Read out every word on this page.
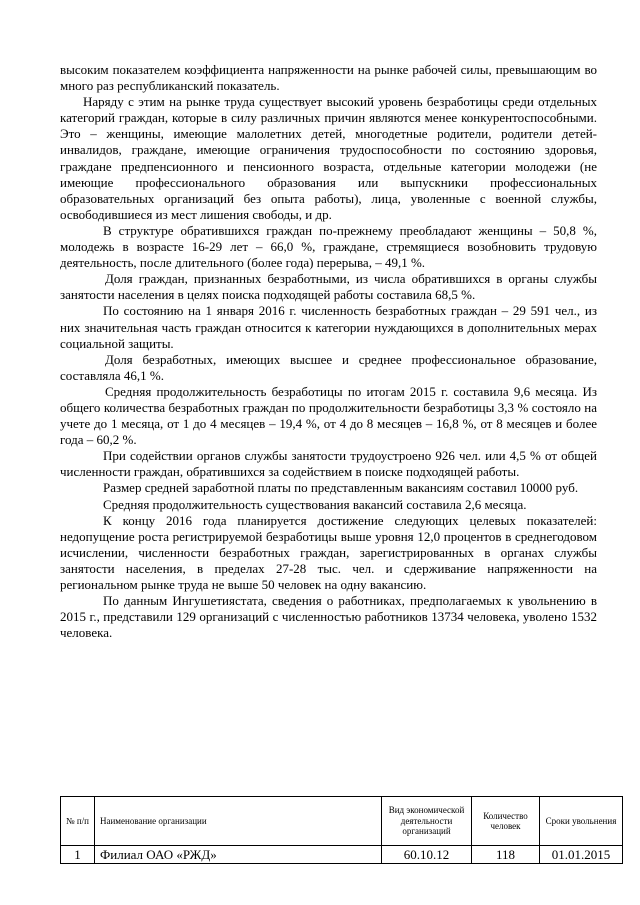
высоким показателем коэффициента напряженности на рынке рабочей силы, превышающим во много раз республиканский показатель.

Наряду с этим на рынке труда существует высокий уровень безработицы среди отдельных категорий граждан, которые в силу различных причин являются менее конкурентоспособными. Это – женщины, имеющие малолетних детей, многодетные родители, родители детей-инвалидов, граждане, имеющие ограничения трудоспособности по состоянию здоровья, граждане предпенсионного и пенсионного возраста, отдельные категории молодежи (не имеющие профессионального образования или выпускники профессиональных образовательных организаций без опыта работы), лица, уволенные с военной службы, освободившиеся из мест лишения свободы, и др.

В структуре обратившихся граждан по-прежнему преобладают женщины – 50,8 %, молодежь в возрасте 16-29 лет – 66,0 %, граждане, стремящиеся возобновить трудовую деятельность, после длительного (более года) перерыва, – 49,1 %.

Доля граждан, признанных безработными, из числа обратившихся в органы службы занятости населения в целях поиска подходящей работы составила 68,5 %.

По состоянию на 1 января 2016 г. численность безработных граждан – 29 591 чел., из них значительная часть граждан относится к категории нуждающихся в дополнительных мерах социальной защиты.

Доля безработных, имеющих высшее и среднее профессиональное образование, составляла 46,1 %.

Средняя продолжительность безработицы по итогам 2015 г. составила 9,6 месяца. Из общего количества безработных граждан по продолжительности безработицы 3,3 % состояло на учете до 1 месяца, от 1 до 4 месяцев – 19,4 %, от 4 до 8 месяцев – 16,8 %, от 8 месяцев и более года – 60,2 %.

При содействии органов службы занятости трудоустроено 926 чел. или 4,5 % от общей численности граждан, обратившихся за содействием в поиске подходящей работы.

Размер средней заработной платы по представленным вакансиям составил 10000 руб.

Средняя продолжительность существования вакансий составила 2,6 месяца.

К концу 2016 года планируется достижение следующих целевых показателей: недопущение роста регистрируемой безработицы выше уровня 12,0 процентов в среднегодовом исчислении, численности безработных граждан, зарегистрированных в органах службы занятости населения, в пределах 27-28 тыс. чел. и сдерживание напряженности на региональном рынке труда не выше 50 человек на одну вакансию.

По данным Ингушетиястата, сведения о работниках, предполагаемых к увольнению в 2015 г., представили 129 организаций с численностью работников 13734 человека, уволено 1532 человека.

№ п/п	Наименование организации	Вид экономической деятельности организаций	Количество человек	Сроки увольнения
1	Филиал ОАО «РЖД»	60.10.12	118	01.01.2015
